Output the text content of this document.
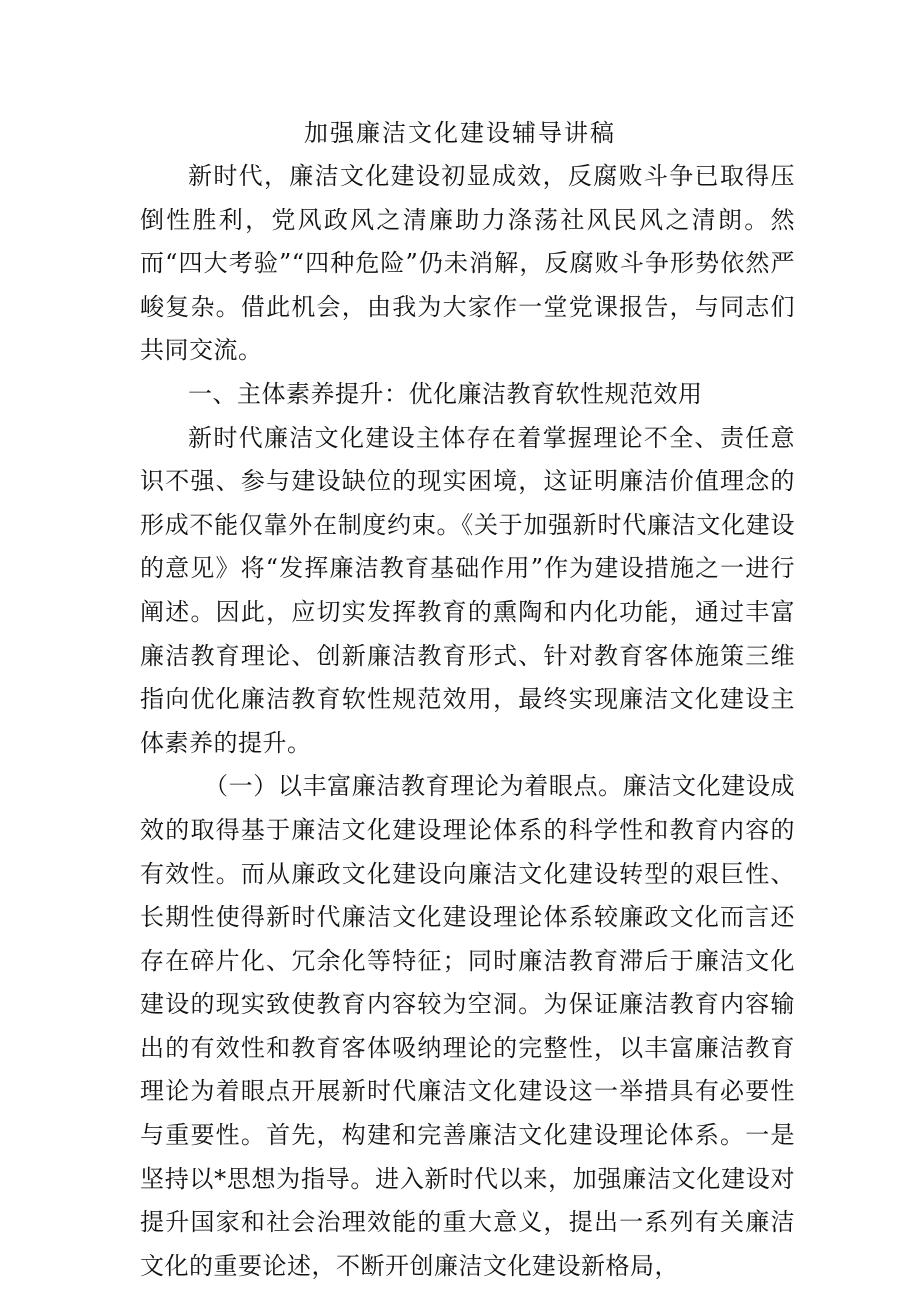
加强廉洁文化建设辅导讲稿

新时代，廉洁文化建设初显成效，反腐败斗争已取得压倒性胜利，党风政风之清廉助力涤荡社风民风之清朗。然而“四大考验”“四种危险”仍未消解，反腐败斗争形势依然严峻复杂。借此机会，由我为大家作一堂党课报告，与同志们共同交流。

一、主体素养提升：优化廉洁教育软性规范效用

新时代廉洁文化建设主体存在着掌握理论不全、责任意识不强、参与建设缺位的现实困境，这证明廉洁价值理念的形成不能仅靠外在制度约束。《关于加强新时代廉洁文化建设的意见》将“发挥廉洁教育基础作用”作为建设措施之一进行阐述。因此，应切实发挥教育的熏陶和内化功能，通过丰富廉洁教育理论、创新廉洁教育形式、针对教育客体施策三维指向优化廉洁教育软性规范效用，最终实现廉洁文化建设主体素养的提升。

（一）以丰富廉洁教育理论为着眼点。廉洁文化建设成效的取得基于廉洁文化建设理论体系的科学性和教育内容的有效性。而从廉政文化建设向廉洁文化建设转型的艰巨性、长期性使得新时代廉洁文化建设理论体系较廉政文化而言还存在碎片化、冗余化等特征；同时廉洁教育滞后于廉洁文化建设的现实致使教育内容较为空洞。为保证廉洁教育内容输出的有效性和教育客体吸纳理论的完整性，以丰富廉洁教育理论为着眼点开展新时代廉洁文化建设这一举措具有必要性与重要性。首先，构建和完善廉洁文化建设理论体系。一是坚持以*思想为指导。进入新时代以来，加强廉洁文化建设对提升国家和社会治理效能的重大意义，提出一系列有关廉洁文化的重要论述，不断开创廉洁文化建设新格局，
